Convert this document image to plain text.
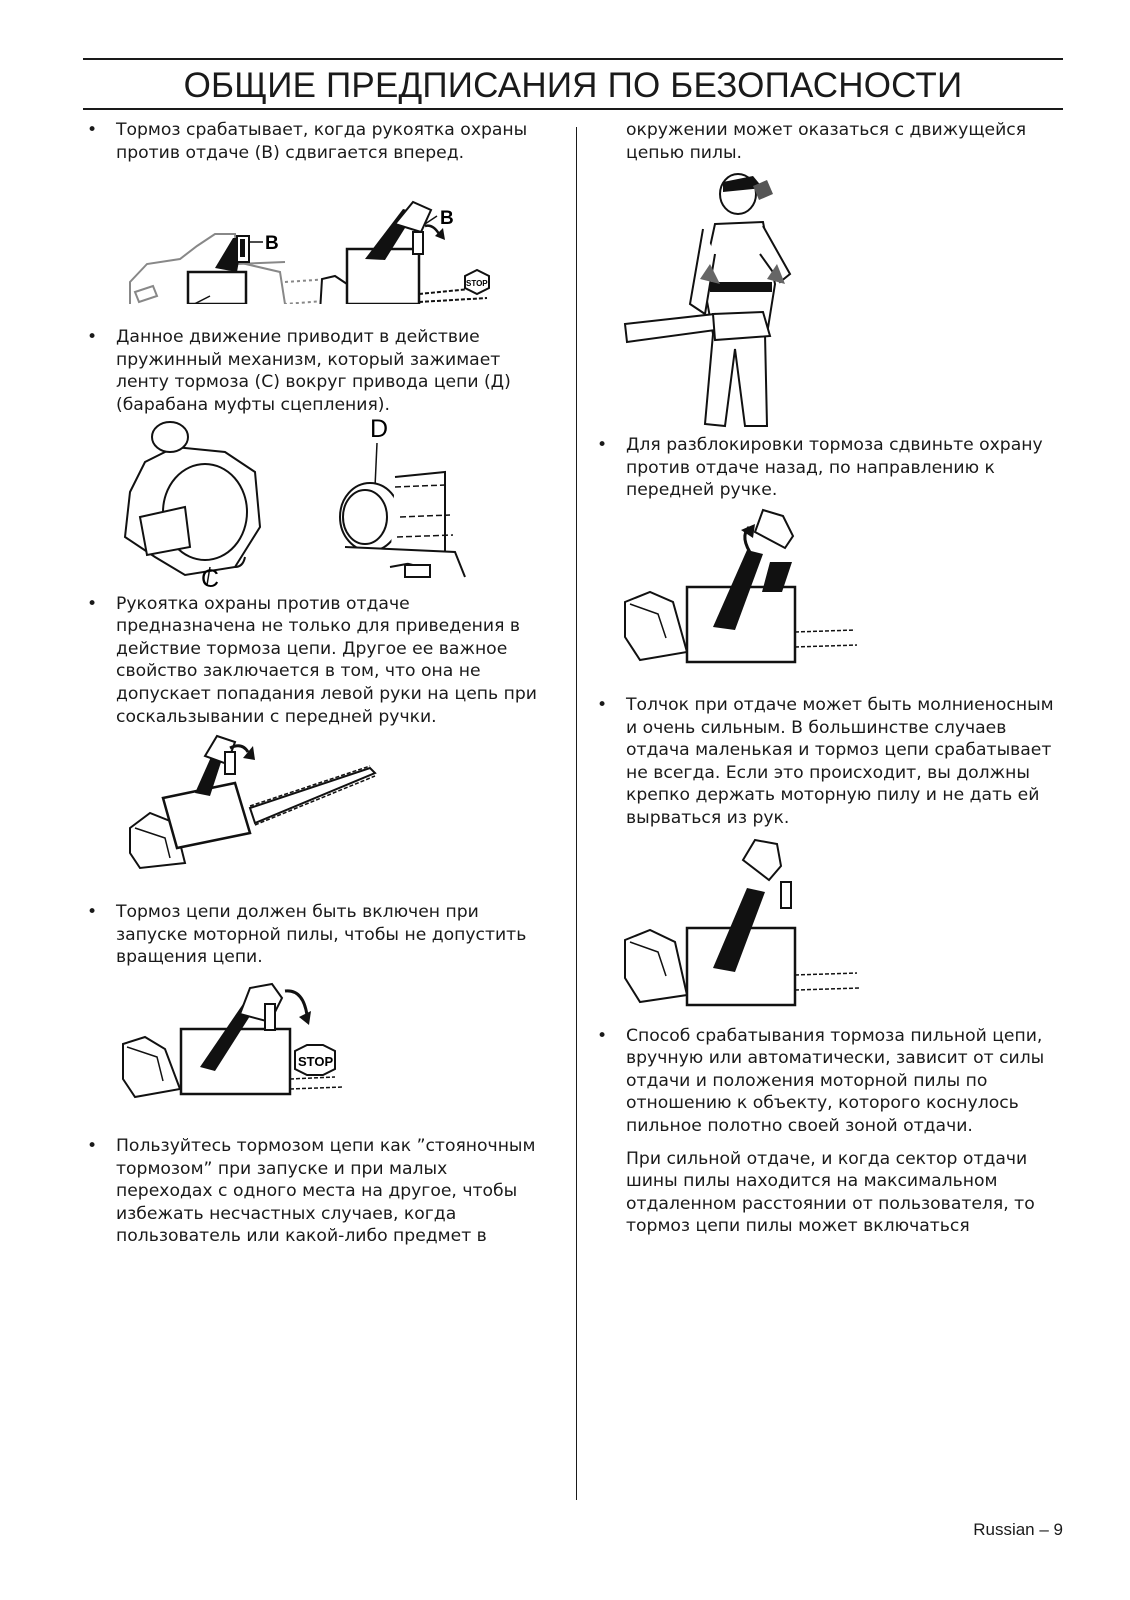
ОБЩИЕ ПРЕДПИСАНИЯ ПО БЕЗОПАСНОСТИ
• Тормоз срабатывает, когда рукоятка охраны против отдаче (B) сдвигается вперед.
B
STOP
B
• Данное движение приводит в действие пружинный механизм, который зажимает ленту тормоза (С) вокруг привода цепи (Д) (барабана муфты сцепления).
C
D
• Рукоятка охраны против отдаче предназначена не только для приведения в действие тормоза цепи. Другое ее важное свойство заключается в том, что она не допускает попадания левой руки на цепь при соскальзывании с передней ручки.
• Тормоз цепи должен быть включен при запуске моторной пилы, чтобы не допустить вращения цепи.
STOP
• Пользуйтесь тормозом цепи как ”стояночным тормозом” при запуске и при малых переходах с одного места на другое, чтобы избежать несчастных случаев, когда пользователь или какой-либо предмет в
окружении может оказаться с движущейся цепью пилы.
• Для разблокировки тормоза сдвиньте охрану против отдаче назад, по направлению к передней ручке.
• Толчок при отдаче может быть молниеносным и очень сильным. В большинстве случаев отдача маленькая и тормоз цепи срабатывает не всегда. Если это происходит, вы должны крепко держать моторную пилу и не дать ей вырваться из рук.
• Способ срабатывания тормоза пильной цепи, вручную или автоматически, зависит от силы отдачи и положения моторной пилы по отношению к объекту, которого коснулось пильное полотно своей зоной отдачи.
При сильной отдаче, и когда сектор отдачи шины пилы находится на максимальном отдаленном расстоянии от пользователя, то тормоз цепи пилы может включаться
Russian – 9
